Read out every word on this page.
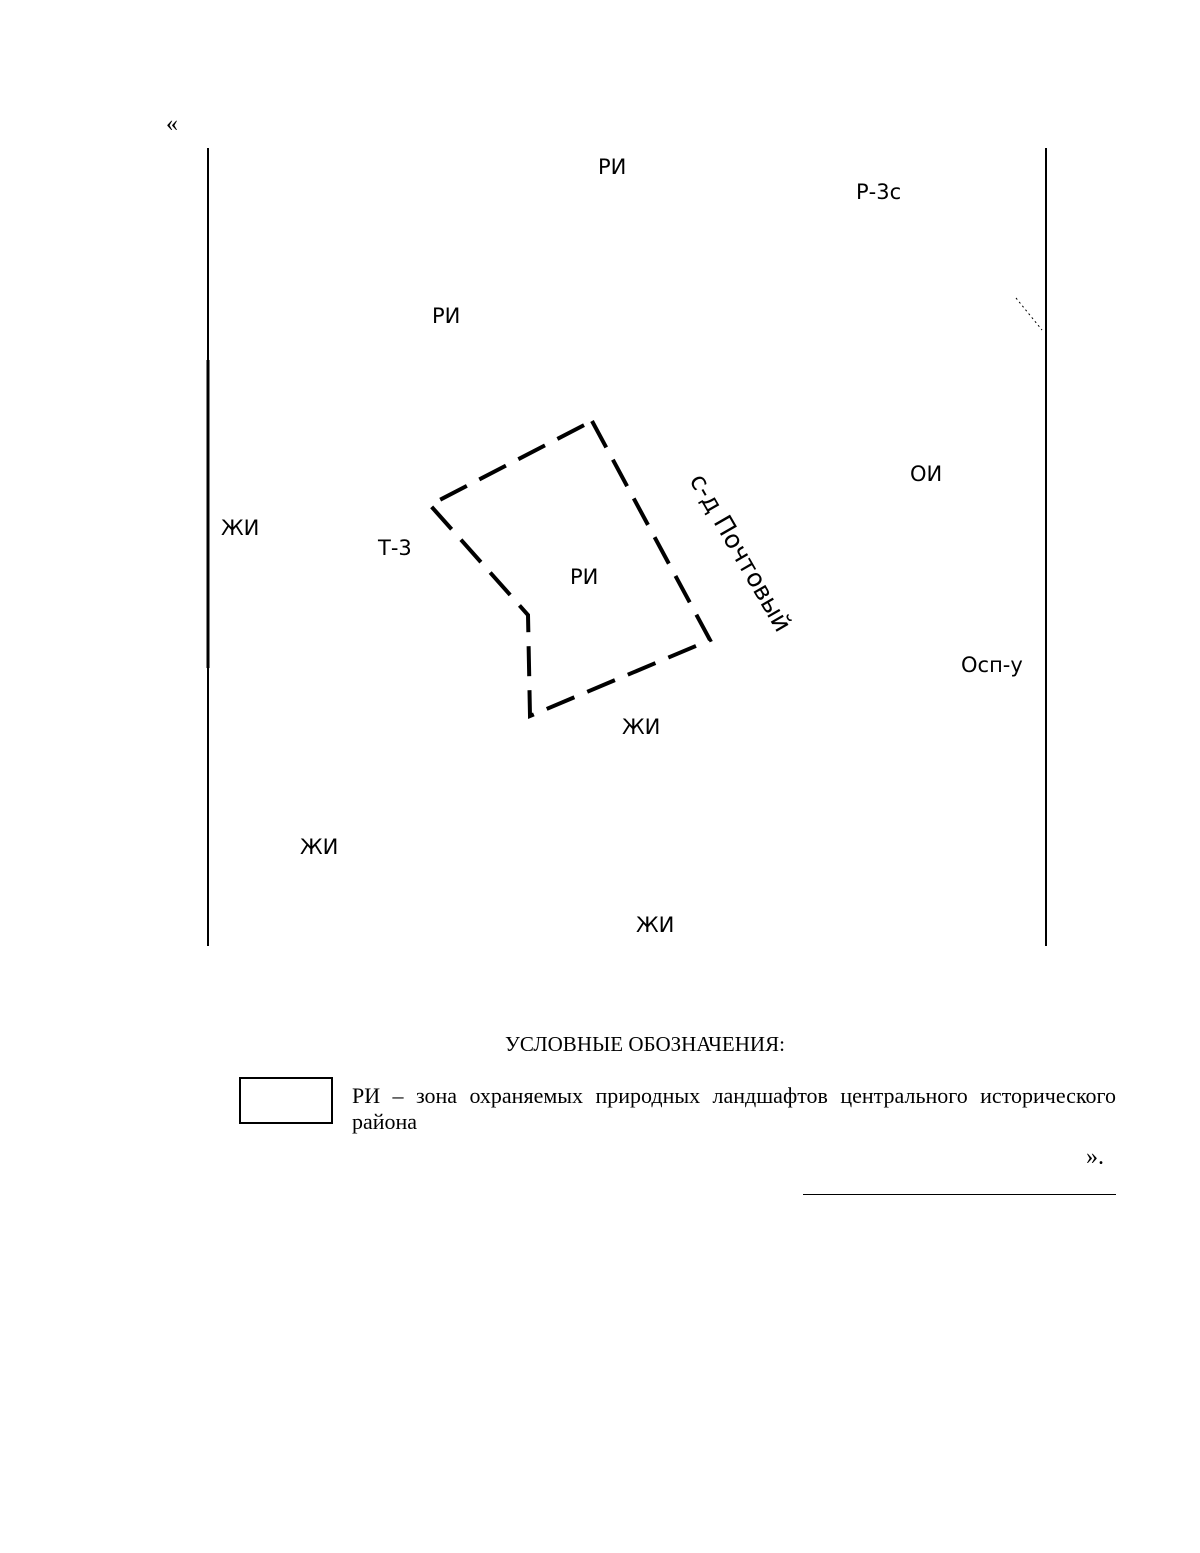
«
РИ
Р-3с
РИ
ОИ
ЖИ
Т-3
РИ	с-д Почтовый
Осп-у
ЖИ
ЖИ
ЖИ
УСЛОВНЫЕ ОБОЗНАЧЕНИЯ:
РИ – зона охраняемых природных ландшафтов центрального исторического района
».
